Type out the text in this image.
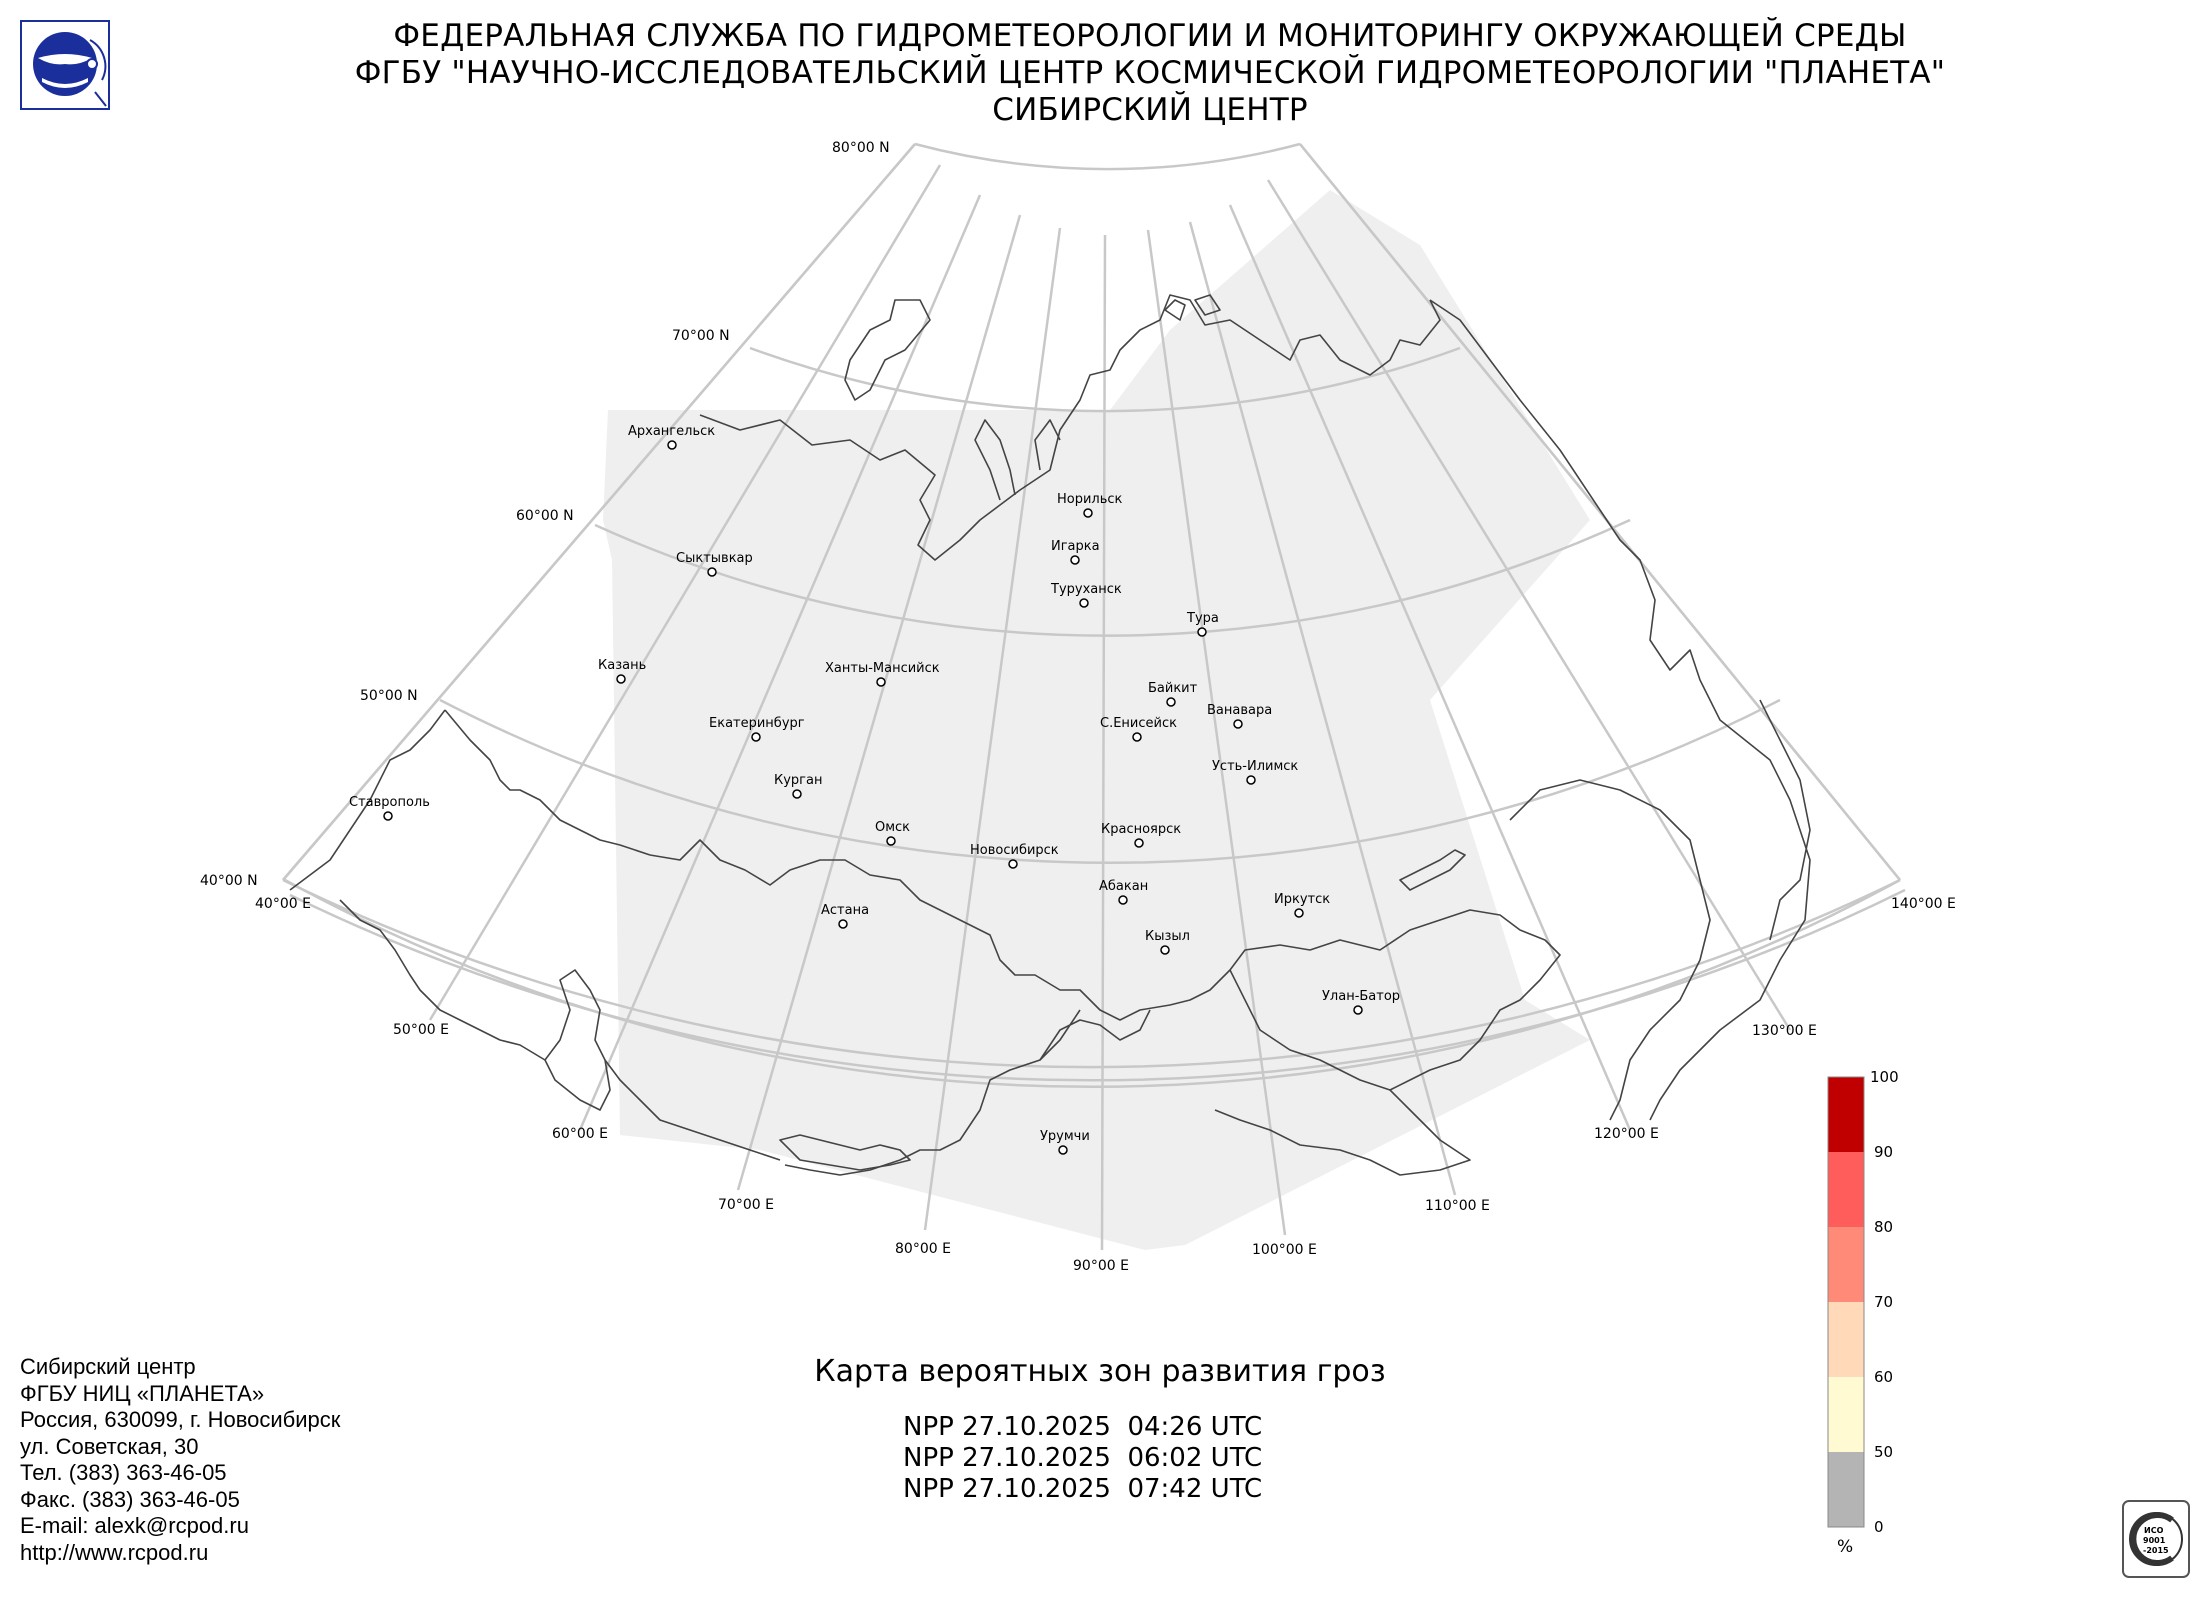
ФЕДЕРАЛЬНАЯ СЛУЖБА ПО ГИДРОМЕТЕОРОЛОГИИ И МОНИТОРИНГУ ОКРУЖАЮЩЕЙ СРЕДЫ
ФГБУ "НАУЧНО-ИССЛЕДОВАТЕЛЬСКИЙ ЦЕНТР КОСМИЧЕСКОЙ ГИДРОМЕТЕОРОЛОГИИ "ПЛАНЕТА"
СИБИРСКИЙ ЦЕНТР
80°00 N
70°00 N
60°00 N
50°00 N
40°00 N
40°00 E
50°00 E
60°00 E
70°00 E
80°00 E
90°00 E
100°00 E
110°00 E
120°00 E
130°00 E
140°00 E
Архангельск
Норильск
Игарка
Сыктывкар
Туруханск
Тура
Казань	Ханты-Мансийск
Байкит
Екатеринбург	С.Енисейск
Ванавара
Усть-Илимск
Курган
Ставрополь
Омск	Красноярск
Новосибирск
Абакан
Иркутск
Астана
Кызыл
Улан-Батор
Урумчи
100
90
80
70
60
50
0
%
Сибирский центр
ФГБУ НИЦ «ПЛАНЕТА»
Россия, 630099, г. Новосибирск
ул. Советская, 30
Тел. (383) 363-46-05
Факс. (383) 363-46-05
E-mail: alexk@rcpod.ru
http://www.rcpod.ru
Карта вероятных зон развития гроз
NPP 27.10.2025  04:26 UTC
NPP 27.10.2025  06:02 UTC
NPP 27.10.2025  07:42 UTC
ИСО
9001
-2015
